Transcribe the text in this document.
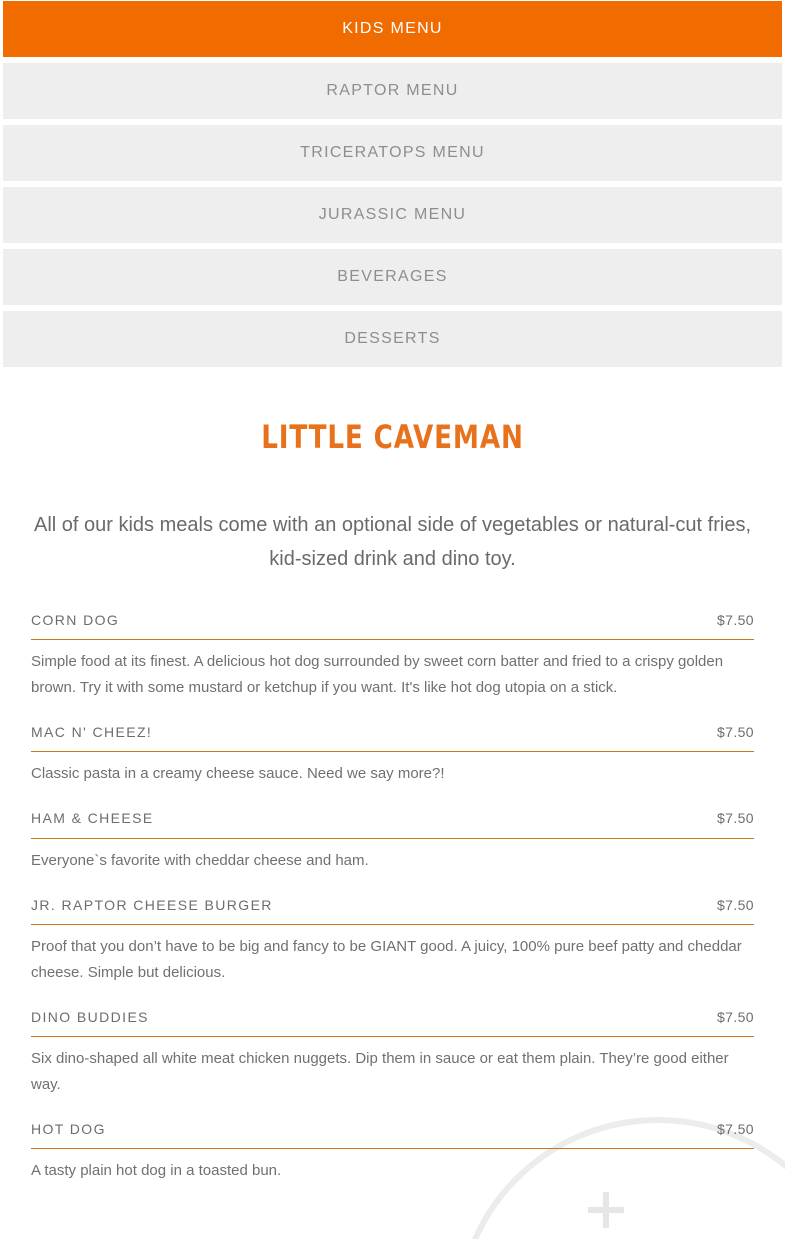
KIDS MENU
RAPTOR MENU
TRICERATOPS MENU
JURASSIC MENU
BEVERAGES
DESSERTS
LITTLE CAVEMAN

All of our kids meals come with an optional side of vegetables or natural-cut fries, kid-sized drink and dino toy.

CORN DOG	$7.50

Simple food at its finest. A delicious hot dog surrounded by sweet corn batter and fried to a crispy golden brown. Try it with some mustard or ketchup if you want. It's like hot dog utopia on a stick.

MAC N' CHEEZ!	$7.50

Classic pasta in a creamy cheese sauce. Need we say more?!

HAM & CHEESE	$7.50

Everyone`s favorite with cheddar cheese and ham.

JR. RAPTOR CHEESE BURGER	$7.50

Proof that you don’t have to be big and fancy to be GIANT good. A juicy, 100% pure beef patty and cheddar cheese. Simple but delicious.

DINO BUDDIES	$7.50

Six dino-shaped all white meat chicken nuggets. Dip them in sauce or eat them plain. They’re good either way.

HOT DOG	$7.50

A tasty plain hot dog in a toasted bun.
